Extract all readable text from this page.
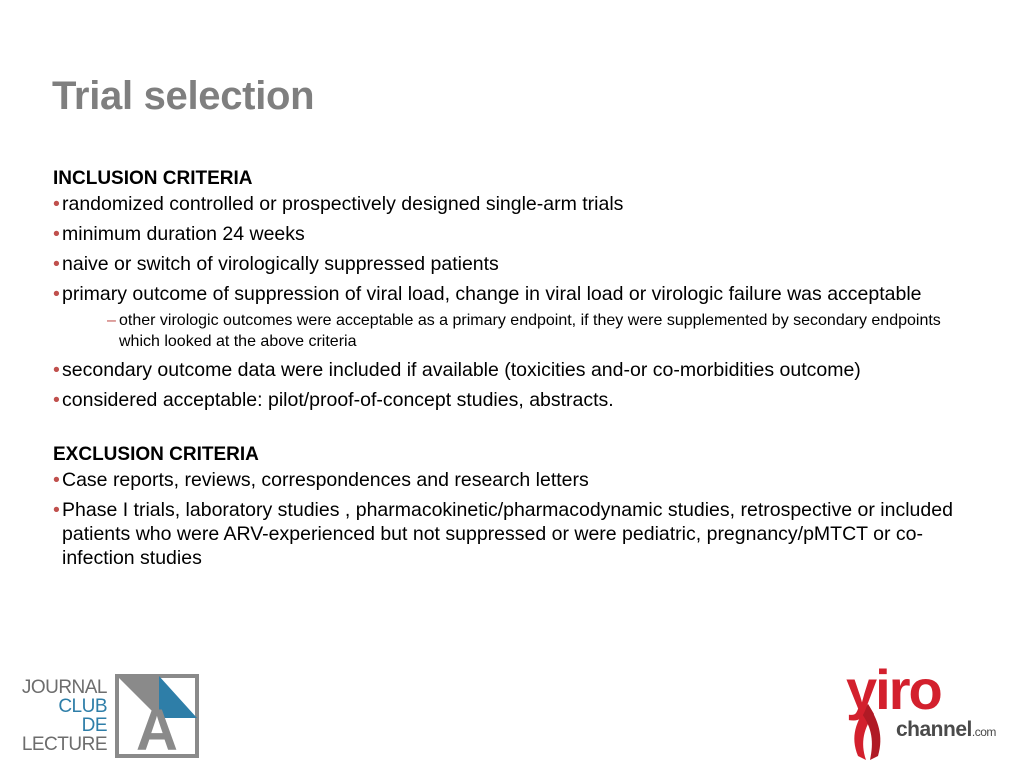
Trial selection

INCLUSION CRITERIA

• randomized controlled or prospectively designed single-arm trials
• minimum duration 24 weeks
• naive or switch of virologically suppressed patients
• primary outcome of suppression of viral load, change in viral load or virologic failure was acceptable
– other virologic outcomes were acceptable as a primary endpoint, if they were supplemented by secondary endpoints which looked at the above criteria
• secondary outcome data were included if available (toxicities and-or co-morbidities outcome)
• considered acceptable: pilot/proof-of-concept studies, abstracts.

EXCLUSION CRITERIA

• Case reports, reviews, correspondences and research letters
• Phase I trials, laboratory studies , pharmacokinetic/pharmacodynamic studies, retrospective or included patients who were ARV-experienced but not suppressed or were pediatric, pregnancy/pMTCT or co-infection studies
JOURNAL
CLUB
DE
LECTURE A
yiro
channel.com
